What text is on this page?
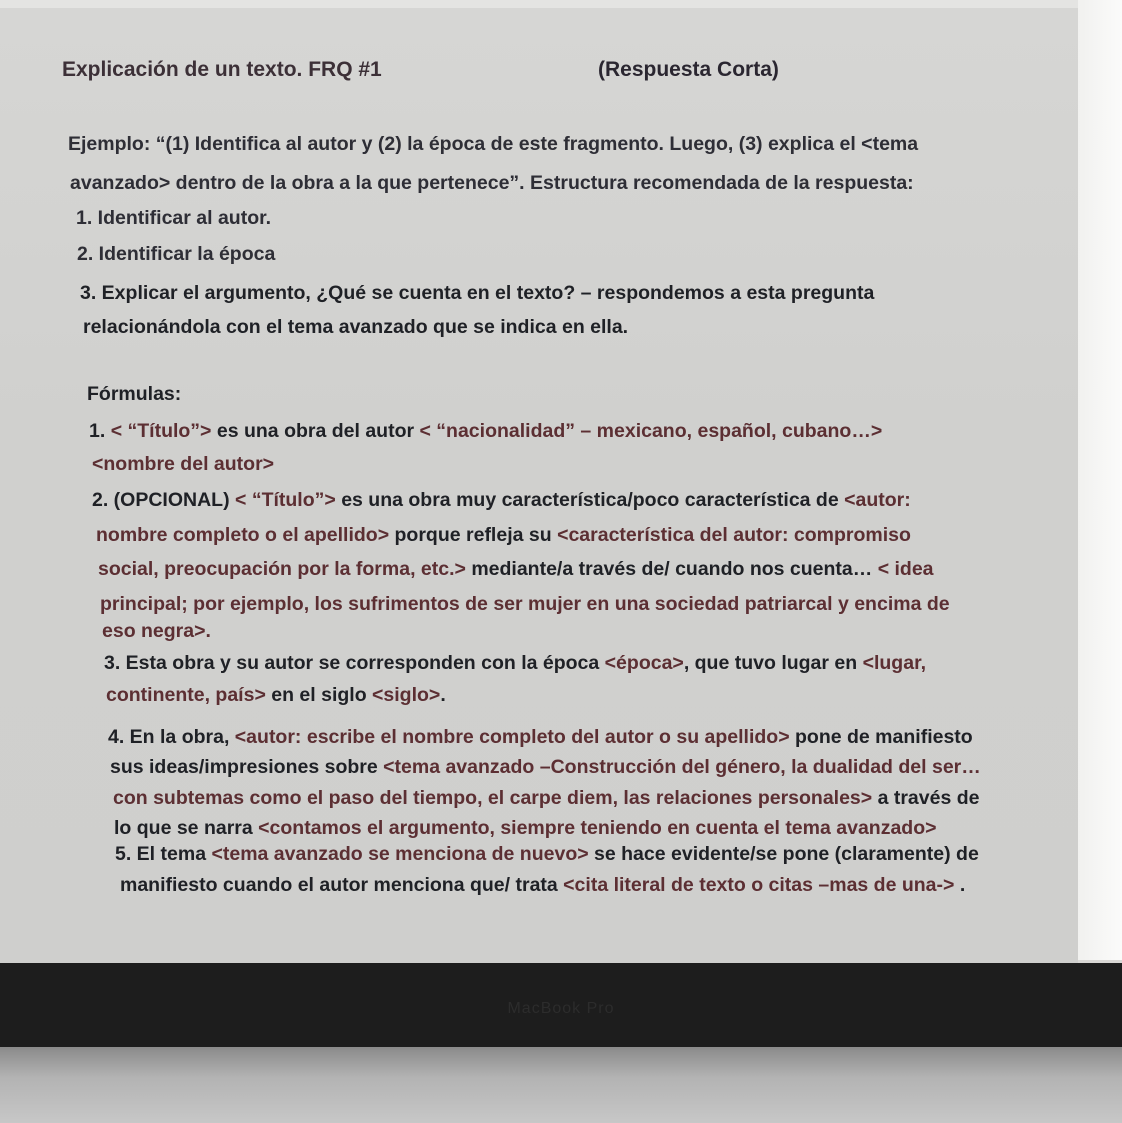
Explicación de un texto. FRQ #1	(Respuesta Corta)
Ejemplo: “(1) Identifica al autor y (2) la época de este fragmento. Luego, (3) explica el <tema
avanzado> dentro de la obra a la que pertenece”. Estructura recomendada de la respuesta:
1. Identificar al autor.
2. Identificar la época
3. Explicar el argumento, ¿Qué se cuenta en el texto? – respondemos a esta pregunta
relacionándola con el tema avanzado que se indica en ella.
Fórmulas:
1. < “Título”> es una obra del autor < “nacionalidad” – mexicano, español, cubano…>
<nombre del autor>
2. (OPCIONAL) < “Título”> es una obra muy característica/poco característica de <autor:
nombre completo o el apellido> porque refleja su <característica del autor: compromiso
social, preocupación por la forma, etc.> mediante/a través de/ cuando nos cuenta… < idea
principal; por ejemplo, los sufrimentos de ser mujer en una sociedad patriarcal y encima de
eso negra>.
3. Esta obra y su autor se corresponden con la época <época>, que tuvo lugar en <lugar,
continente, país> en el siglo <siglo>.
4. En la obra, <autor: escribe el nombre completo del autor o su apellido> pone de manifiesto
sus ideas/impresiones sobre <tema avanzado –Construcción del género, la dualidad del ser…
con subtemas como el paso del tiempo, el carpe diem, las relaciones personales> a través de
lo que se narra <contamos el argumento, siempre teniendo en cuenta el tema avanzado>
5. El tema <tema avanzado se menciona de nuevo> se hace evidente/se pone (claramente) de
manifiesto cuando el autor menciona que/ trata <cita literal de texto o citas –mas de una-> .
MacBook Pro
